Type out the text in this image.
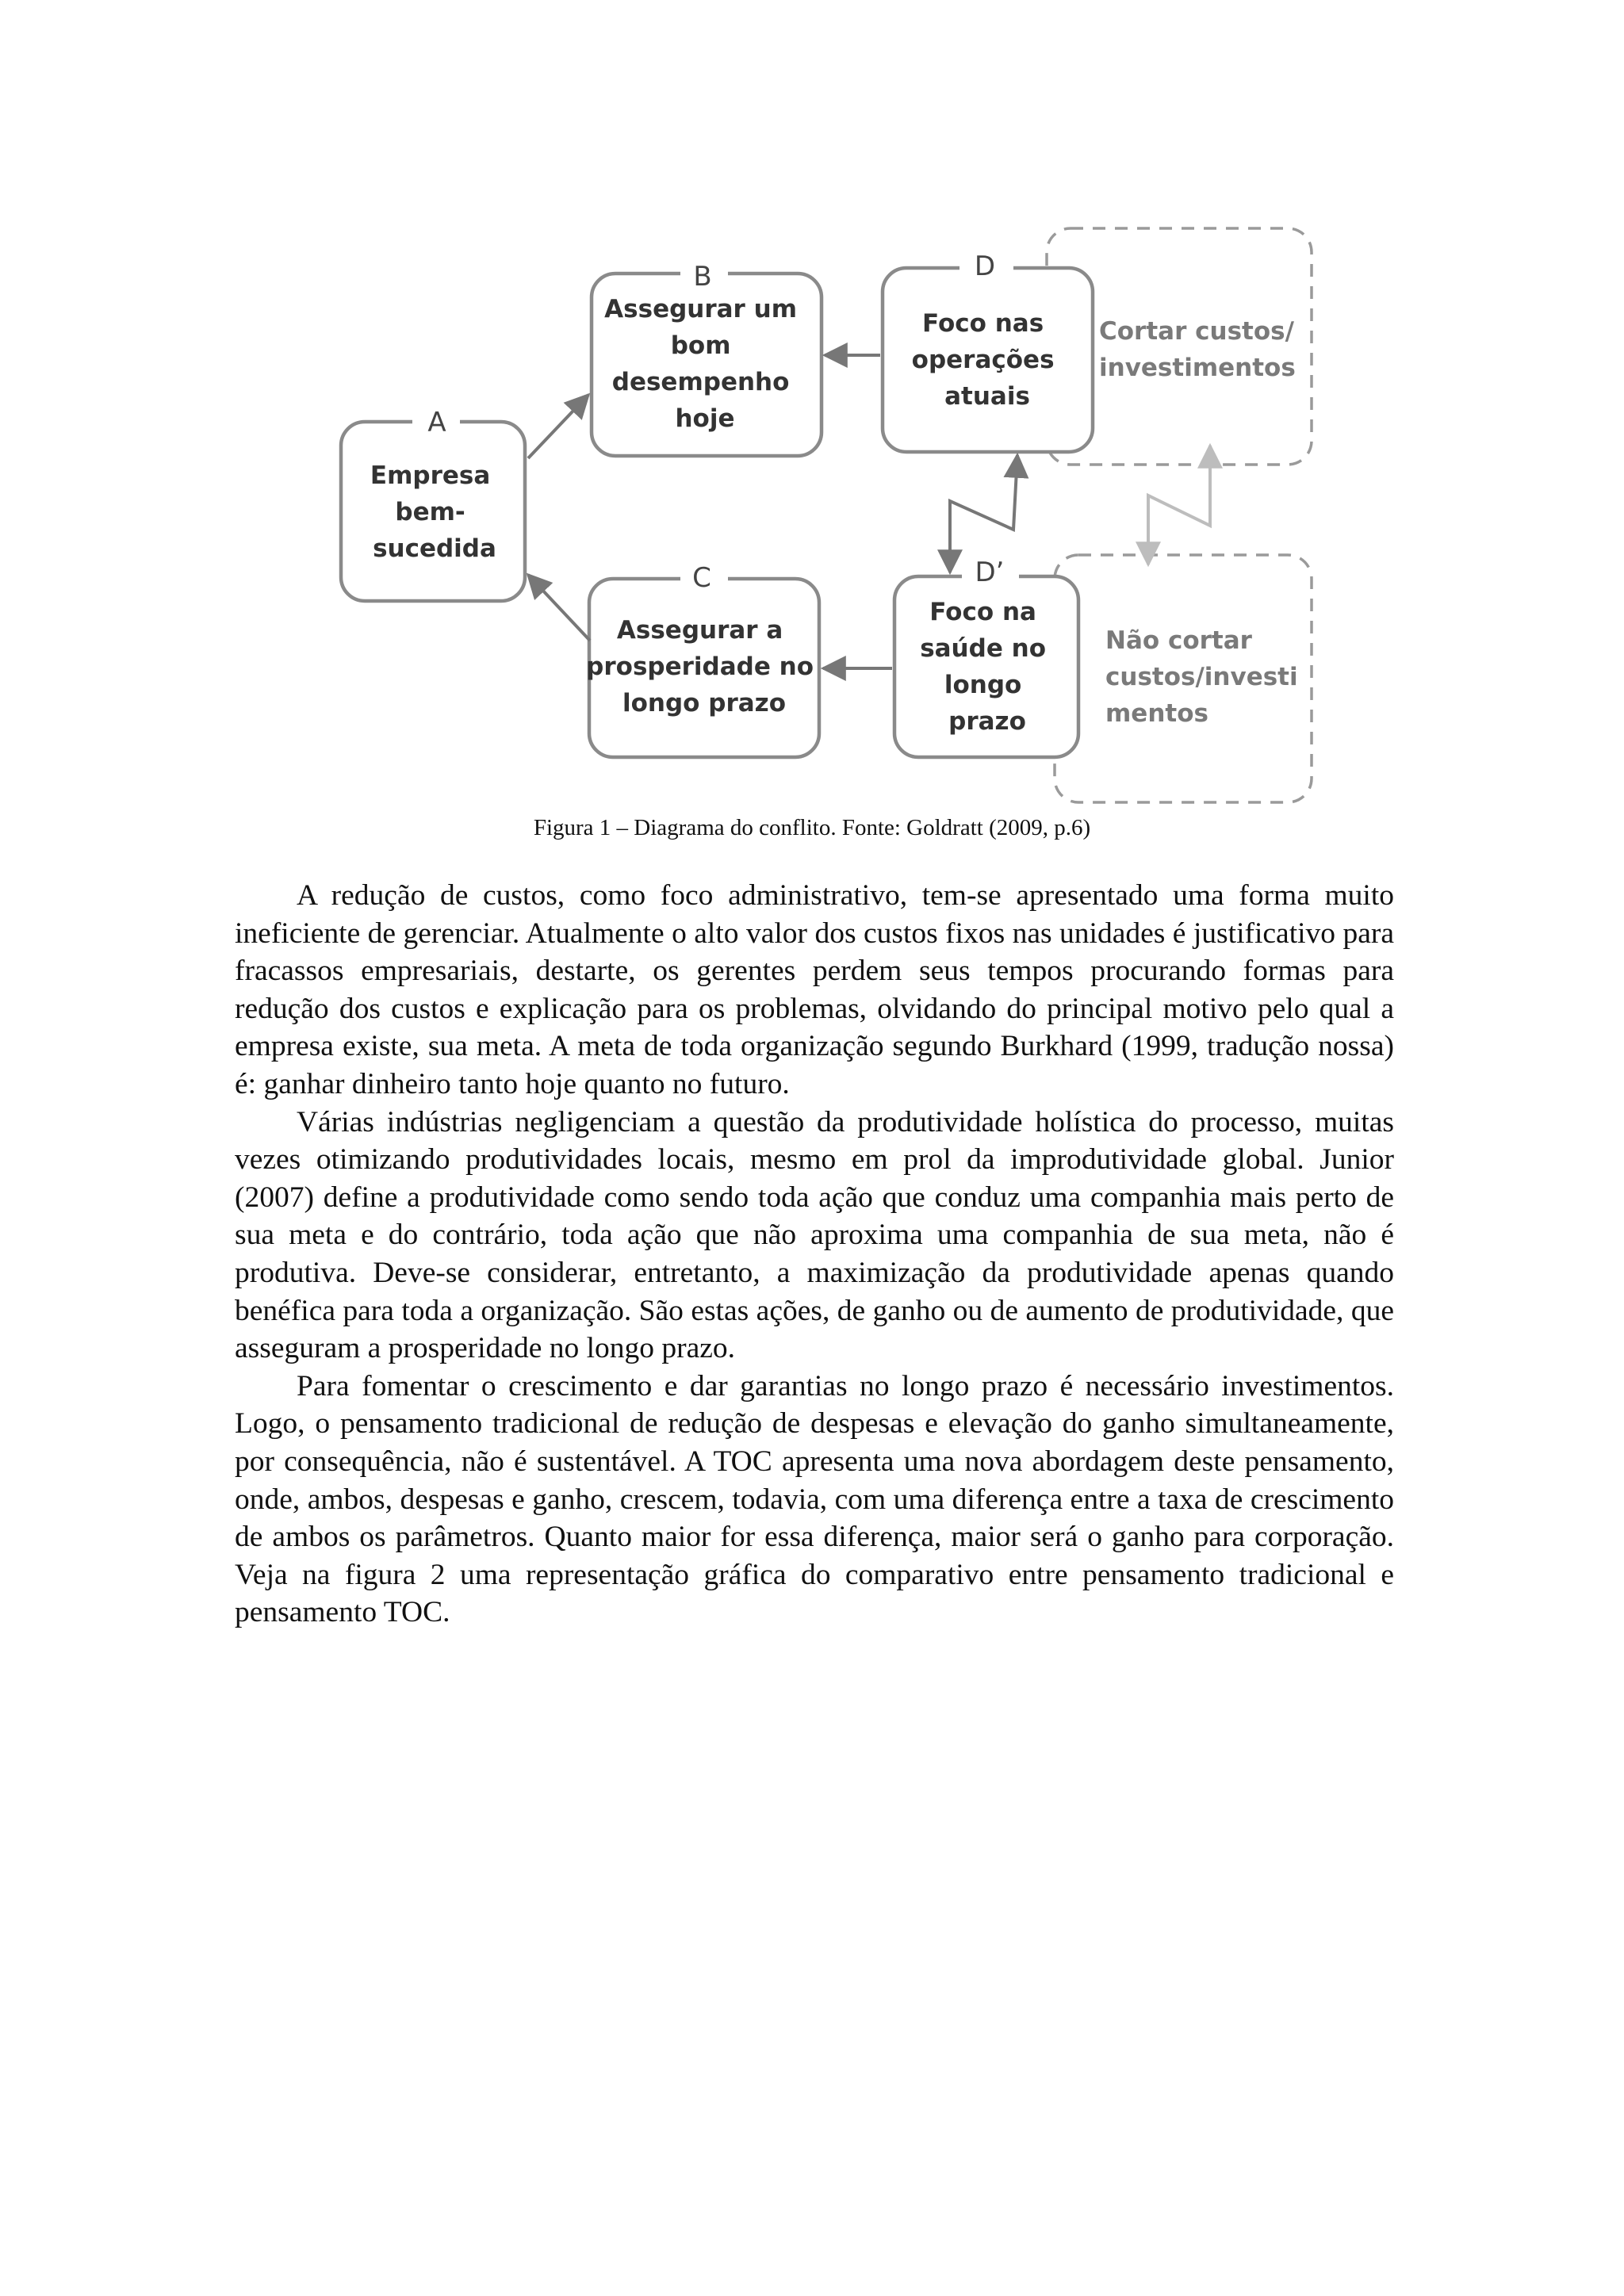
A
B
C
D
D’
Empresa bem- sucedida
Assegurar um bom desempenho hoje
Assegurar a prosperidade no longo prazo
Foco nas operações atuais
Foco na saúde no longo prazo
Cortar custos/ investimentos
Não cortar custos/investi mentos
Figura 1 – Diagrama do conflito. Fonte: Goldratt (2009, p.6)

A redução de custos, como foco administrativo, tem-se apresentado uma forma muito ineficiente de gerenciar. Atualmente o alto valor dos custos fixos nas unidades é justificativo para fracassos empresariais, destarte, os gerentes perdem seus tempos procurando formas para redução dos custos e explicação para os problemas, olvidando do principal motivo pelo qual a empresa existe, sua meta. A meta de toda organização segundo Burkhard (1999, tradução nossa) é: ganhar dinheiro tanto hoje quanto no futuro.

Várias indústrias negligenciam a questão da produtividade holística do processo, muitas vezes otimizando produtividades locais, mesmo em prol da improdutividade global. Junior (2007) define a produtividade como sendo toda ação que conduz uma companhia mais perto de sua meta e do contrário, toda ação que não aproxima uma companhia de sua meta, não é produtiva. Deve-se considerar, entretanto, a maximização da produtividade apenas quando benéfica para toda a organização. São estas ações, de ganho ou de aumento de produtividade, que asseguram a prosperidade no longo prazo.

Para fomentar o crescimento e dar garantias no longo prazo é necessário investimentos. Logo, o pensamento tradicional de redução de despesas e elevação do ganho simultaneamente, por consequência, não é sustentável. A TOC apresenta uma nova abordagem deste pensamento, onde, ambos, despesas e ganho, crescem, todavia, com uma diferença entre a taxa de crescimento de ambos os parâmetros. Quanto maior for essa diferença, maior será o ganho para corporação. Veja na figura 2 uma representação gráfica do comparativo entre pensamento tradicional e pensamento TOC.
